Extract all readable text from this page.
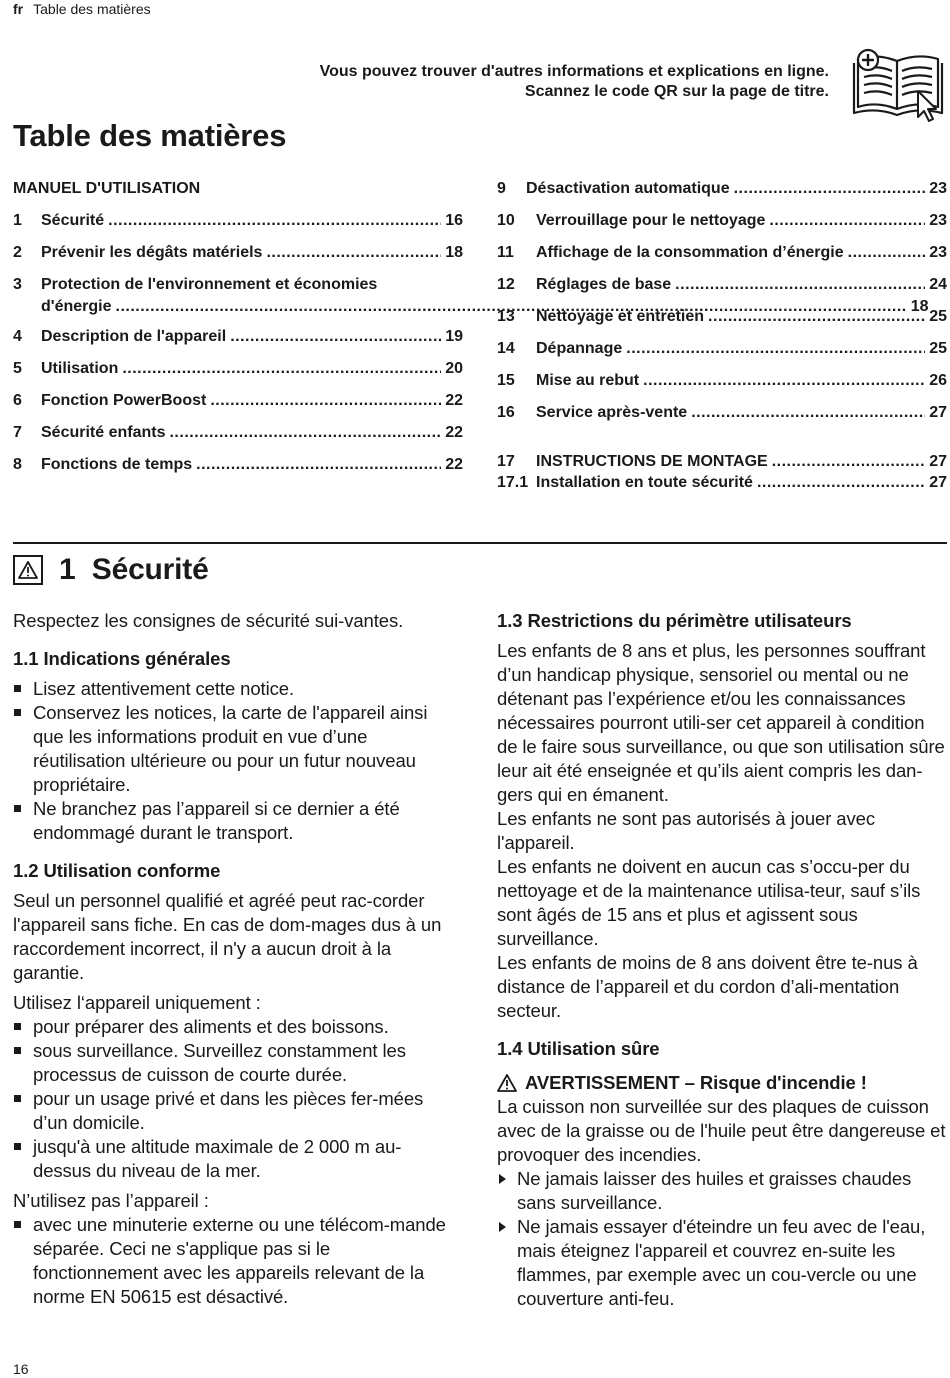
fr Table des matières
Vous pouvez trouver d'autres informations et explications en ligne. Scannez le code QR sur la page de titre.
Table des matières
MANUEL D'UTILISATION
1	Sécurité .....	16
2	Prévenir les dégâts matériels .....	18
3	Protection de l'environnement et économies
d'énergie .....	18
4	Description de l'appareil .....	19
5	Utilisation .....	20
6	Fonction PowerBoost .....	22
7	Sécurité enfants .....	22
8	Fonctions de temps .....	22
9	Désactivation automatique .....	23
10	Verrouillage pour le nettoyage .....	23
11	Affichage de la consommation d’énergie .....	23
12	Réglages de base .....	24
13	Nettoyage et entretien .....	25
14	Dépannage .....	25
15	Mise au rebut .....	26
16	Service après-vente .....	27
17	INSTRUCTIONS DE MONTAGE .....	27
17.1 Installation en toute sécurité .....	27
1 Sécurité

Respectez les consignes de sécurité sui-vantes.

1.1 Indications générales
Lisez attentivement cette notice.
Conservez les notices, la carte de l'appareil ainsi que les informations produit en vue d’une réutilisation ultérieure ou pour un futur nouveau propriétaire.
Ne branchez pas l’appareil si ce dernier a été endommagé durant le transport.
1.2 Utilisation conforme

Seul un personnel qualifié et agréé peut rac-corder l'appareil sans fiche. En cas de dom-mages dus à un raccordement incorrect, il n'y a aucun droit à la garantie.

Utilisez l‘appareil uniquement :

pour préparer des aliments et des boissons.
sous surveillance. Surveillez constamment les processus de cuisson de courte durée.
pour un usage privé et dans les pièces fer-mées d’un domicile.
jusqu'à une altitude maximale de 2 000 m au-dessus du niveau de la mer.

N’utilisez pas l’appareil :

avec une minuterie externe ou une télécom-mande séparée. Ceci ne s'applique pas si le fonctionnement avec les appareils relevant de la norme EN 50615 est désactivé.
1.3 Restrictions du périmètre utilisateurs

Les enfants de 8 ans et plus, les personnes souffrant d’un handicap physique, sensoriel ou mental ou ne détenant pas l’expérience et/ou les connaissances nécessaires pourront utili-ser cet appareil à condition de le faire sous surveillance, ou que son utilisation sûre leur ait été enseignée et qu’ils aient compris les dan-gers qui en émanent.

Les enfants ne sont pas autorisés à jouer avec l'appareil.

Les enfants ne doivent en aucun cas s’occu-per du nettoyage et de la maintenance utilisa-teur, sauf s’ils sont âgés de 15 ans et plus et agissent sous surveillance.

Les enfants de moins de 8 ans doivent être te-nus à distance de l’appareil et du cordon d’ali-mentation secteur.

1.4 Utilisation sûre
AVERTISSEMENT – Risque d'incendie !

La cuisson non surveillée sur des plaques de cuisson avec de la graisse ou de l'huile peut être dangereuse et provoquer des incendies.

Ne jamais laisser des huiles et graisses chaudes sans surveillance.
Ne jamais essayer d'éteindre un feu avec de l'eau, mais éteignez l'appareil et couvrez en-suite les flammes, par exemple avec un cou-vercle ou une couverture anti-feu.
16
